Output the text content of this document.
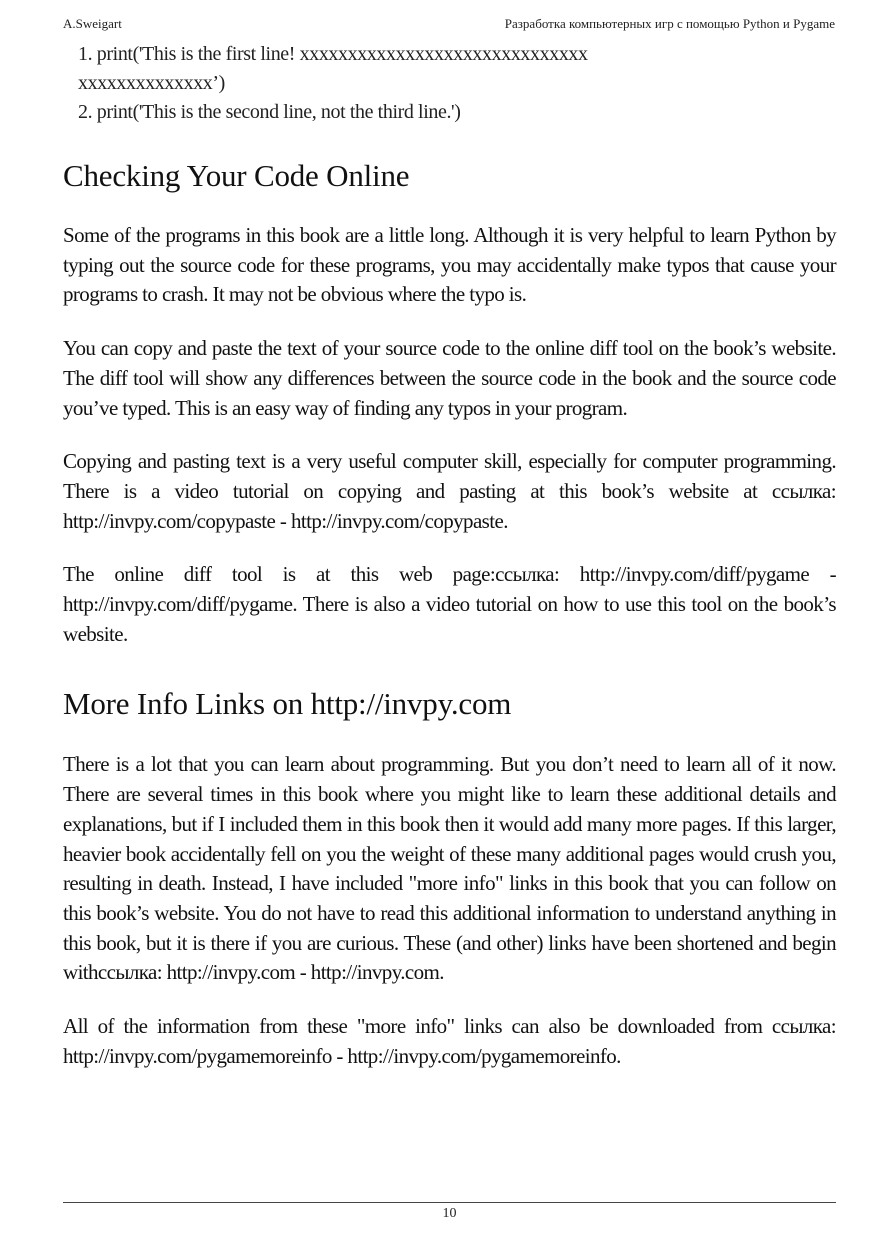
A.Sweigart	Разработка компьютерных игр с помощью Python и Pygame
1. print('This is the first line! xxxxxxxxxxxxxxxxxxxxxxxxxxxxxx xxxxxxxxxxxxxx’)
2. print('This is the second line, not the third line.')
Checking Your Code Online

Some of the programs in this book are a little long. Although it is very helpful to learn Python by typing out the source code for these programs, you may accidentally make typos that cause your programs to crash. It may not be obvious where the typo is.

You can copy and paste the text of your source code to the online diff tool on the book’s website. The diff tool will show any differences between the source code in the book and the source code you’ve typed. This is an easy way of finding any typos in your program.

Copying and pasting text is a very useful computer skill, especially for computer programming. There is a video tutorial on copying and pasting at this book’s website at ссылка: http://invpy.com/copypaste - http://invpy.com/copypaste.

The online diff tool is at this web page:ссылка: http://invpy.com/diff/pygame - http://invpy.com/diff/pygame. There is also a video tutorial on how to use this tool on the book’s website.

More Info Links on http://invpy.com

There is a lot that you can learn about programming. But you don’t need to learn all of it now. There are several times in this book where you might like to learn these additional details and explanations, but if I included them in this book then it would add many more pages. If this larger, heavier book accidentally fell on you the weight of these many additional pages would crush you, resulting in death. Instead, I have included "more info" links in this book that you can follow on this book’s website. You do not have to read this additional information to understand anything in this book, but it is there if you are curious. These (and other) links have been shortened and begin withссылка: http://invpy.com - http://invpy.com.

All of the information from these "more info" links can also be downloaded from ссылка: http://invpy.com/pygamemoreinfo - http://invpy.com/pygamemoreinfo.

10
